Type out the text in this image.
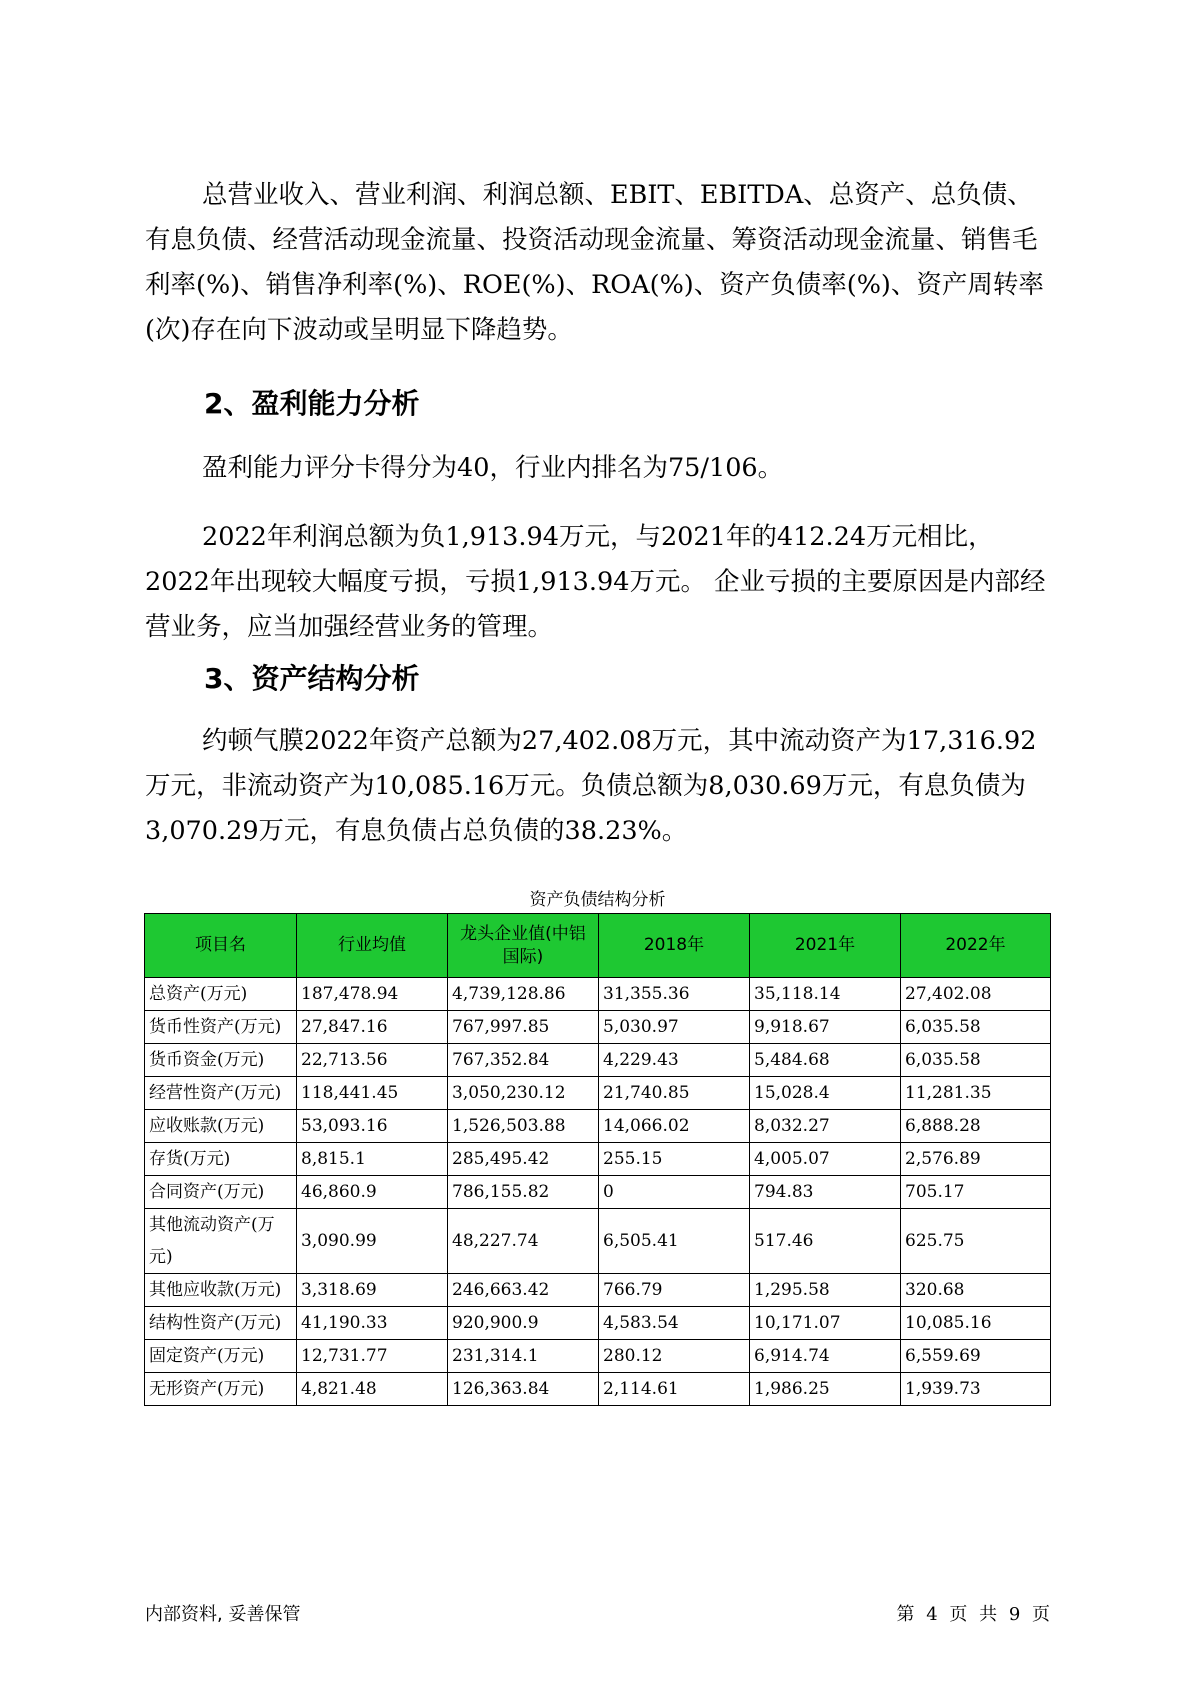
总营业收入、营业利润、利润总额、EBIT、EBITDA、总资产、总负债、有息负债、经营活动现金流量、投资活动现金流量、筹资活动现金流量、销售毛利率(%)、销售净利率(%)、ROE(%)、ROA(%)、资产负债率(%)、资产周转率(次)存在向下波动或呈明显下降趋势。

2、盈利能力分析

盈利能力评分卡得分为40，行业内排名为75/106。

2022年利润总额为负1,913.94万元，与2021年的412.24万元相比，2022年出现较大幅度亏损，亏损1,913.94万元。 企业亏损的主要原因是内部经营业务，应当加强经营业务的管理。

3、资产结构分析

约顿气膜2022年资产总额为27,402.08万元，其中流动资产为17,316.92万元，非流动资产为10,085.16万元。负债总额为8,030.69万元，有息负债为3,070.29万元，有息负债占总负债的38.23%。

资产负债结构分析
项目名	行业均值	龙头企业值(中铝国际)	2018年	2021年	2022年
总资产(万元)	187,478.94	4,739,128.86	31,355.36	35,118.14	27,402.08
货币性资产(万元)	27,847.16	767,997.85	5,030.97	9,918.67	6,035.58
货币资金(万元)	22,713.56	767,352.84	4,229.43	5,484.68	6,035.58
经营性资产(万元)	118,441.45	3,050,230.12	21,740.85	15,028.4	11,281.35
应收账款(万元)	53,093.16	1,526,503.88	14,066.02	8,032.27	6,888.28
存货(万元)	8,815.1	285,495.42	255.15	4,005.07	2,576.89
合同资产(万元)	46,860.9	786,155.82	0	794.83	705.17
其他流动资产(万元)	3,090.99	48,227.74	6,505.41	517.46	625.75
其他应收款(万元)	3,318.69	246,663.42	766.79	1,295.58	320.68
结构性资产(万元)	41,190.33	920,900.9	4,583.54	10,171.07	10,085.16
固定资产(万元)	12,731.77	231,314.1	280.12	6,914.74	6,559.69
无形资产(万元)	4,821.48	126,363.84	2,114.61	1,986.25	1,939.73
内部资料, 妥善保管	第 4 页 共 9 页
